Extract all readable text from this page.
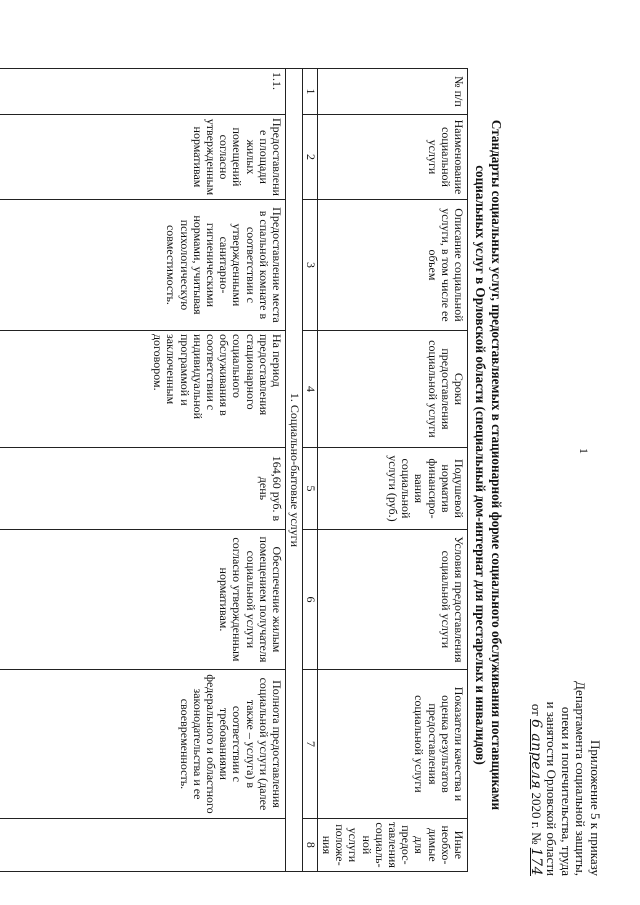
1
Приложение 5 к приказу
Департамента социальной защиты,
опеки и попечительства, труда
и занятости Орловской области
от 6 апреля 2020 г. № 174
Стандарты социальных услуг, предоставляемых в стационарной форме социального обслуживания поставщиками
социальных услуг в Орловской области (специальный дом-интернат для престарелых и инвалидов)
№ п/п	Наименование социальной услуги	Описание социальной услуги, в том числе ее объем	Сроки предоставления социальной услуги	Подушевой норматив финансиро-вания социальной услуги (руб.)	Условия предоставления социальной услуги	Показатели качества и оценка результатов предоставления социальной услуги	Иные необхо-димые для предос-тавления социаль-ной услуги положе-ния
1	2	3	4	5	6	7	8
1. Социально-бытовые услуги							
1.1.	Предоставлени е площади жилых помещений согласно утвержденным нормативам	Предоставление места в спальной комнате в соответствии с утвержденными санитарно-гигиеническими нормами, учитывая психологическую совместимость.	На период предоставления стационарного социального обслуживания в соответствии с индивидуальной программой и заключенным договором.	164,60 руб. в день	Обеспечение жилым помещением получателя социальной услуги согласно утвержденным нормативам.	Полнота предоставления социальной услуги (далее также – услуга) в соответствии с требованиями федерального и областного законодательства и ее своевременность.	
